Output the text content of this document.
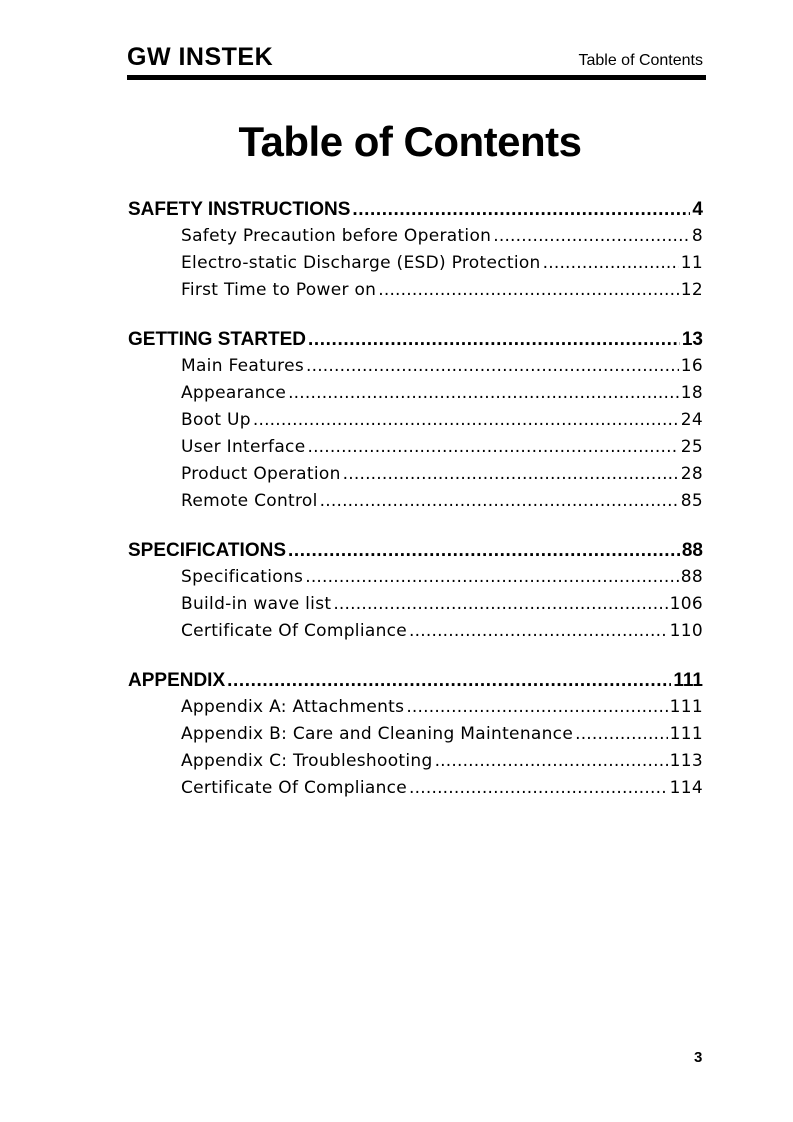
GW INSTEK	Table of Contents
Table of Contents
SAFETY INSTRUCTIONS .....	4
Safety Precaution before Operation .....	8
Electro-static Discharge (ESD) Protection .....	11
First Time to Power on .....	12
GETTING STARTED .....	13
Main Features .....	16
Appearance .....	18
Boot Up .....	24
User Interface .....	25
Product Operation .....	28
Remote Control .....	85
SPECIFICATIONS .....	88
Specifications .....	88
Build-in wave list .....	106
Certificate Of Compliance .....	110
APPENDIX .....	111
Appendix A: Attachments .....	111
Appendix B: Care and Cleaning Maintenance .....	111
Appendix C: Troubleshooting .....	113
Certificate Of Compliance .....	114
3
